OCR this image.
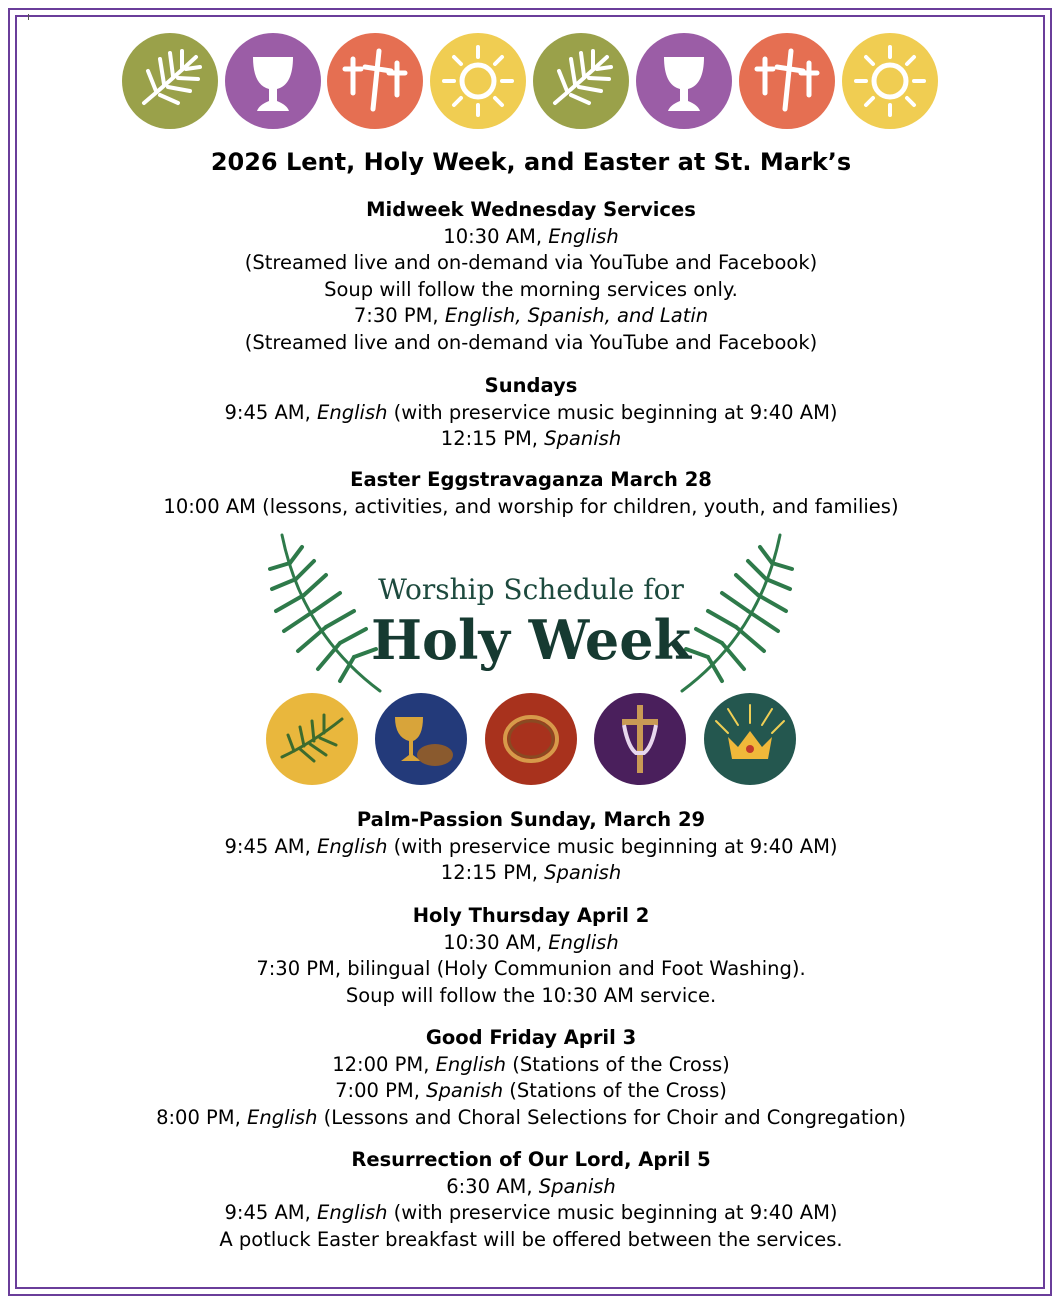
2026 Lent, Holy Week, and Easter at St. Mark’s
Midweek Wednesday Services
10:30 AM, English
(Streamed live and on-demand via YouTube and Facebook)
Soup will follow the morning services only.
7:30 PM, English, Spanish, and Latin
(Streamed live and on-demand via YouTube and Facebook)
Sundays
9:45 AM, English (with preservice music beginning at 9:40 AM)
12:15 PM, Spanish
Easter Eggstravaganza March 28
10:00 AM (lessons, activities, and worship for children, youth, and families)
Worship Schedule for
Holy Week
Palm-Passion Sunday, March 29
9:45 AM, English (with preservice music beginning at 9:40 AM)
12:15 PM, Spanish
Holy Thursday April 2
10:30 AM, English
7:30 PM, bilingual (Holy Communion and Foot Washing).
Soup will follow the 10:30 AM service.
Good Friday April 3
12:00 PM, English (Stations of the Cross)
7:00 PM, Spanish (Stations of the Cross)
8:00 PM, English (Lessons and Choral Selections for Choir and Congregation)
Resurrection of Our Lord, April 5
6:30 AM, Spanish
9:45 AM, English (with preservice music beginning at 9:40 AM)
A potluck Easter breakfast will be offered between the services.
